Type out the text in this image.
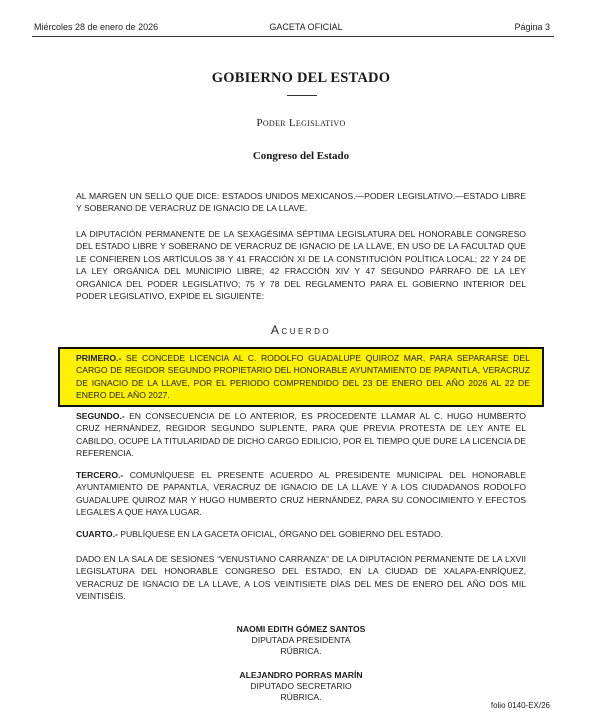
Miércoles 28 de enero de 2026	GACETA OFICIAL	Página 3
GOBIERNO DEL ESTADO
Poder Legislativo
Congreso del Estado
AL MARGEN UN SELLO QUE DICE: ESTADOS UNIDOS MEXICANOS.—PODER LEGISLATIVO.—ESTADO LIBRE Y SOBERANO DE VERACRUZ DE IGNACIO DE LA LLAVE.
LA DIPUTACIÓN PERMANENTE DE LA SEXAGÉSIMA SÉPTIMA LEGISLATURA DEL HONORABLE CONGRESO DEL ESTADO LIBRE Y SOBERANO DE VERACRUZ DE IGNACIO DE LA LLAVE, EN USO DE LA FACULTAD QUE LE CONFIEREN LOS ARTÍCULOS 38 Y 41 FRACCIÓN XI DE LA CONSTITUCIÓN POLÍTICA LOCAL; 22 Y 24 DE LA LEY ORGÁNICA DEL MUNICIPIO LIBRE; 42 FRACCIÓN XIV Y 47 SEGUNDO PÁRRAFO DE LA LEY ORGÁNICA DEL PODER LEGISLATIVO; 75 Y 78 DEL REGLAMENTO PARA EL GOBIERNO INTERIOR DEL PODER LEGISLATIVO, EXPIDE EL SIGUIENTE:
Acuerdo
PRIMERO.- SE CONCEDE LICENCIA AL C. RODOLFO GUADALUPE QUIROZ MAR, PARA SEPARARSE DEL CARGO DE REGIDOR SEGUNDO PROPIETARIO DEL HONORABLE AYUNTAMIENTO DE PAPANTLA, VERACRUZ DE IGNACIO DE LA LLAVE, POR EL PERIODO COMPRENDIDO DEL 23 DE ENERO DEL AÑO 2026 AL 22 DE ENERO DEL AÑO 2027.
SEGUNDO.- EN CONSECUENCIA DE LO ANTERIOR, ES PROCEDENTE LLAMAR AL C. HUGO HUMBERTO CRUZ HERNÁNDEZ, REGIDOR SEGUNDO SUPLENTE, PARA QUE PREVIA PROTESTA DE LEY ANTE EL CABILDO, OCUPE LA TITULARIDAD DE DICHO CARGO EDILICIO, POR EL TIEMPO QUE DURE LA LICENCIA DE REFERENCIA.
TERCERO.- COMUNÍQUESE EL PRESENTE ACUERDO AL PRESIDENTE MUNICIPAL DEL HONORABLE AYUNTAMIENTO DE PAPANTLA, VERACRUZ DE IGNACIO DE LA LLAVE Y A LOS CIUDADANOS RODOLFO GUADALUPE QUIROZ MAR Y HUGO HUMBERTO CRUZ HERNÁNDEZ, PARA SU CONOCIMIENTO Y EFECTOS LEGALES A QUE HAYA LUGAR.
CUARTO.- PUBLÍQUESE EN LA GACETA OFICIAL, ÓRGANO DEL GOBIERNO DEL ESTADO.
DADO EN LA SALA DE SESIONES “VENUSTIANO CARRANZA” DE LA DIPUTACIÓN PERMANENTE DE LA LXVII LEGISLATURA DEL HONORABLE CONGRESO DEL ESTADO, EN LA CIUDAD DE XALAPA-ENRÍQUEZ, VERACRUZ DE IGNACIO DE LA LLAVE, A LOS VEINTISIETE DÍAS DEL MES DE ENERO DEL AÑO DOS MIL VEINTISÉIS.
NAOMI EDITH GÓMEZ SANTOS
DIPUTADA PRESIDENTA
RÚBRICA.
ALEJANDRO PORRAS MARÍN
DIPUTADO SECRETARIO
RÚBRICA.
folio 0140-EX/26
